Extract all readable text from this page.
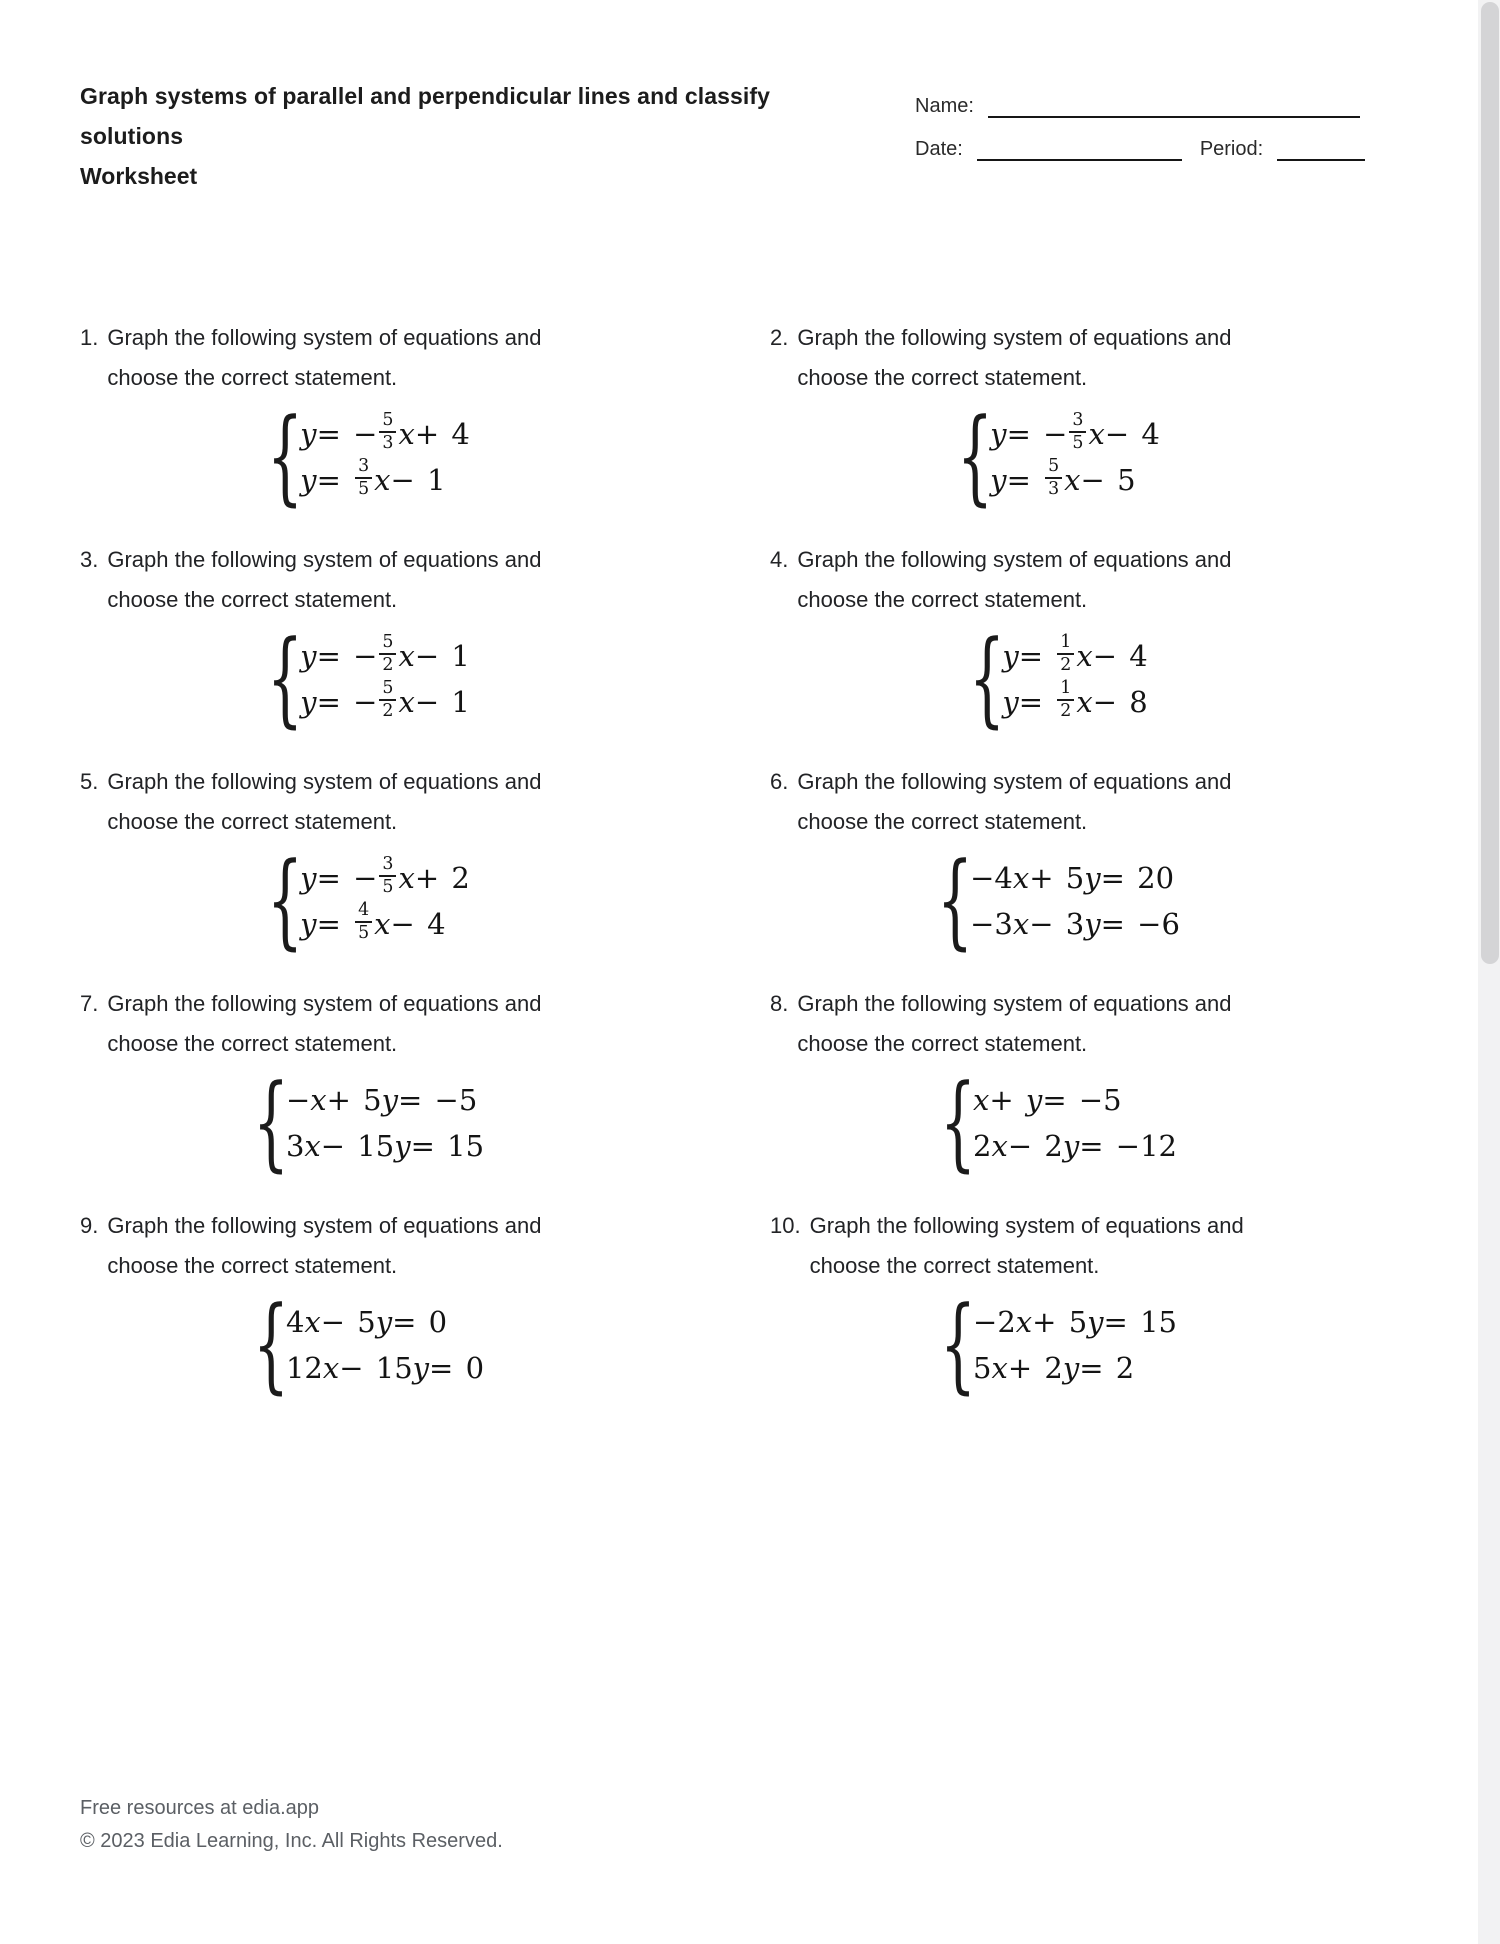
Graph systems of parallel and perpendicular lines and classify solutions
Worksheet
Name:
Date:	Period:
1. Graph the following system of equations and
choose the correct statement.
{
y = − $\frac{5}{3}$ x + 4
$y = \frac{3}{5}$ x − 1
2. Graph the following system of equations and
choose the correct statement.
{
y = − $\frac{3}{5}$ x − 4
$y = \frac{5}{3}$ x − 5
3. Graph the following system of equations and
choose the correct statement.
{
y = − $\frac{5}{2}$ x − 1
y = − $\frac{5}{2}$ x − 1
4. Graph the following system of equations and
choose the correct statement.
{
$y = \frac{1}{2}$ x − 4
$y = \frac{1}{2}$ x − 8
5. Graph the following system of equations and
choose the correct statement.
{
y = − $\frac{3}{5}$ x + 2
$y = \frac{4}{5}$ x − 4
6. Graph the following system of equations and
choose the correct statement.
{
−4 x + 5 y = 20
−3 x − 3 y = −6
7. Graph the following system of equations and
choose the correct statement.
{
− x + 5 y = −5
3 x − 15 y = 15
8. Graph the following system of equations and
choose the correct statement.
{
x + y = −5
2 x − 2 y = −12
9. Graph the following system of equations and
choose the correct statement.
{
4 x − 5 y = 0
12 x − 15 y = 0
10. Graph the following system of equations and
choose the correct statement.
{
−2 x + 5 y = 15
5 x + 2 y = 2
Free resources at edia.app
© 2023 Edia Learning, Inc. All Rights Reserved.
